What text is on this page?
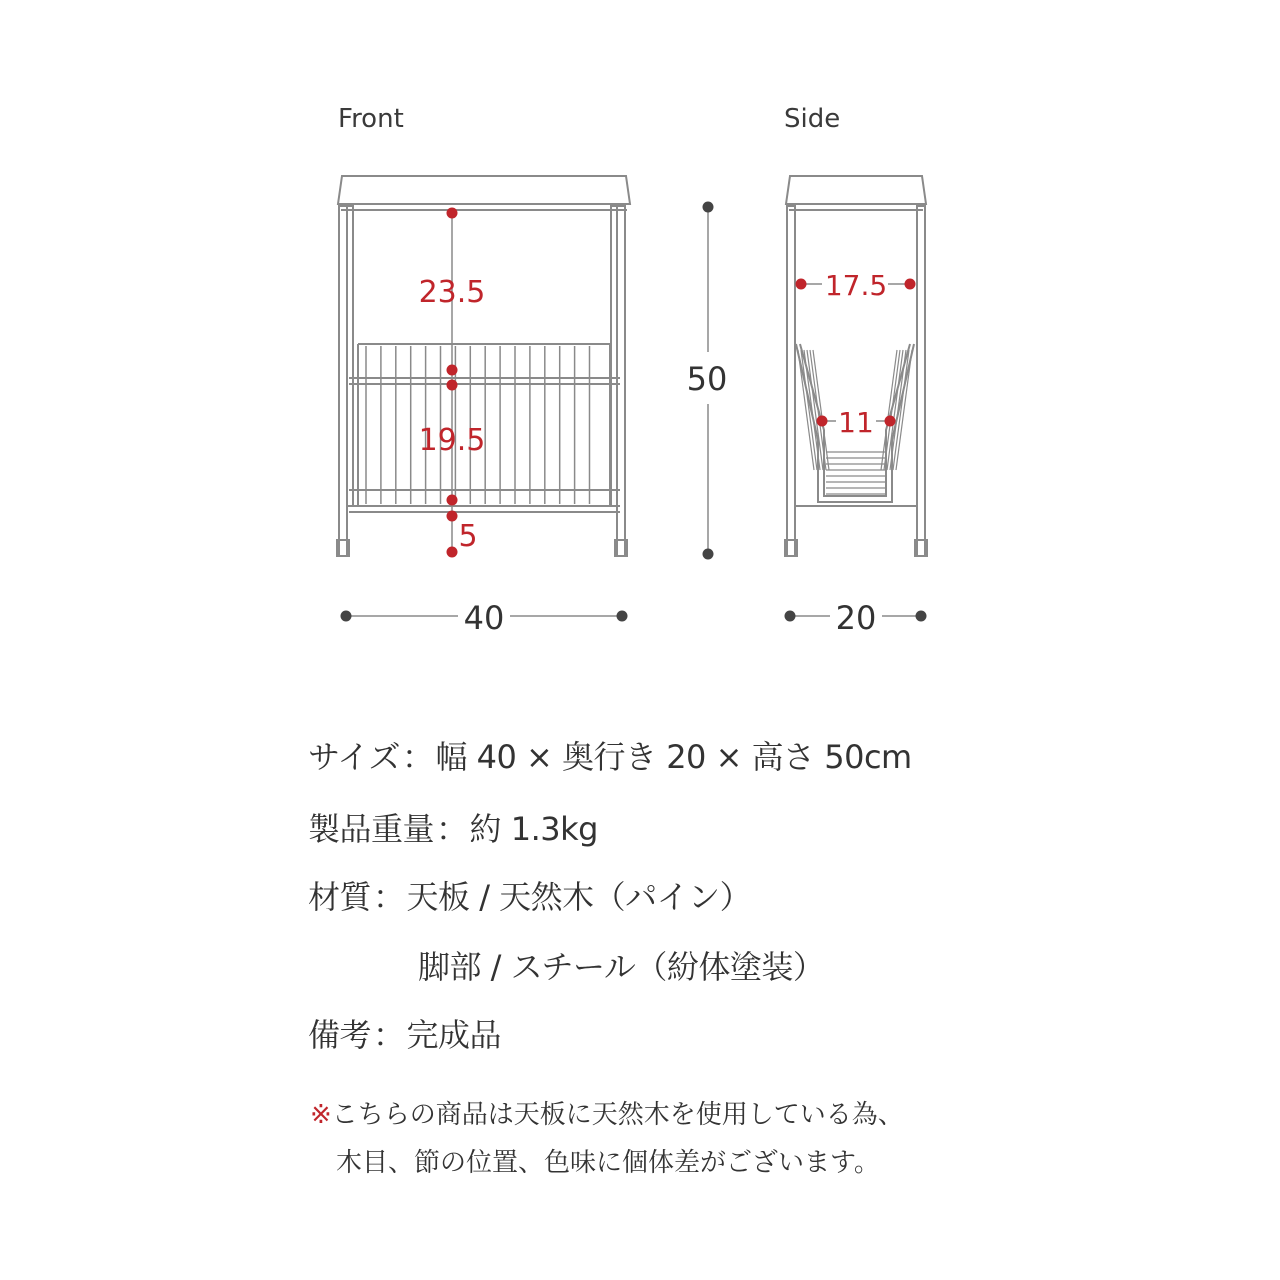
23.5
19.5
5
40
50
17.5
11
20
Front	Side
サイズ：幅 40 × 奥行き 20 × 高さ 50cm
製品重量：約 1.3kg
材質：天板 / 天然木（パイン）
脚部 / スチール（紛体塗装）
備考：完成品
※こちらの商品は天板に天然木を使用している為、
木目、節の位置、色味に個体差がございます。
